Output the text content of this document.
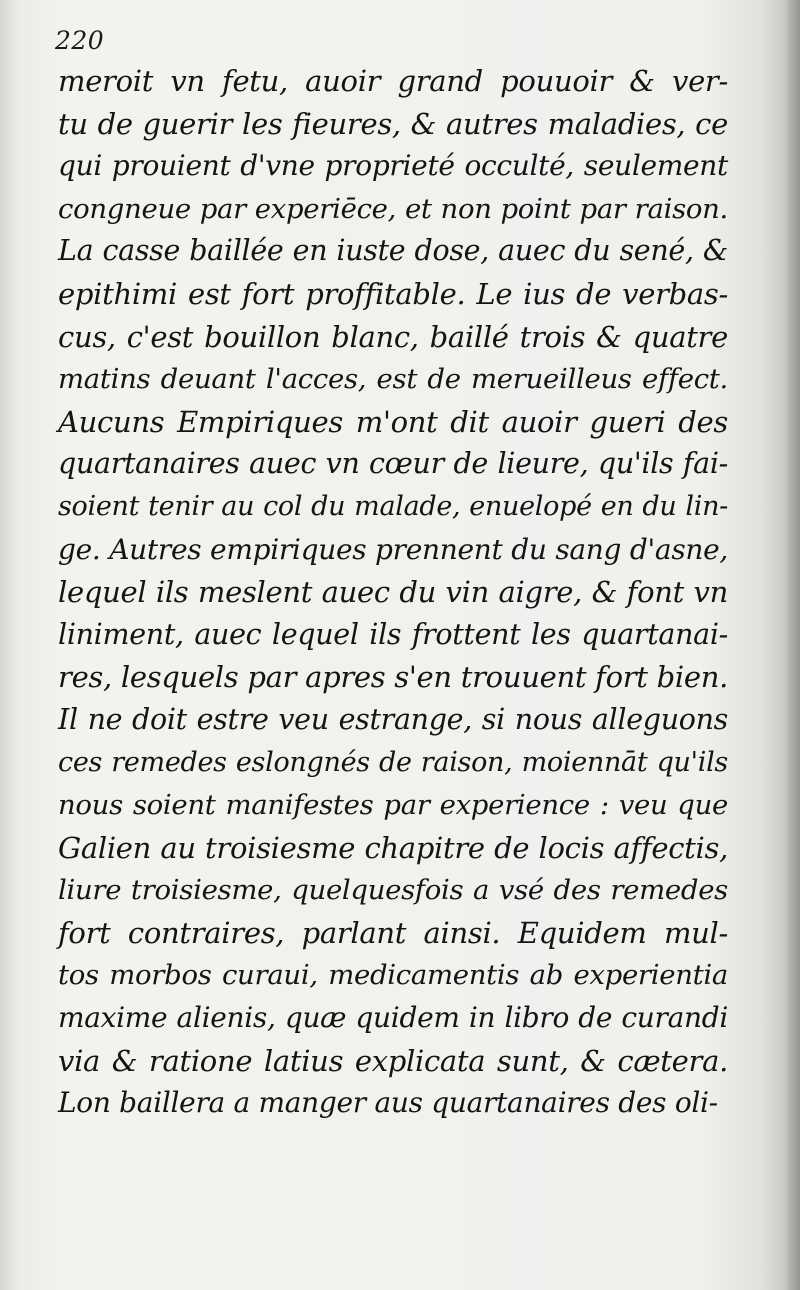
220
meroit vn fetu, auoir grand pouuoir & ver-
tu de guerir les fieures, & autres maladies, ce
qui prouient d'vne proprieté occulté, seulement
congneue par experiēce, et non point par raison.
La casse baillée en iuste dose, auec du sené, &
epithimi est fort proffitable. Le ius de verbas-
cus, c'est bouillon blanc, baillé trois & quatre
matins deuant l'acces, est de merueilleus effect.
Aucuns Empiriques m'ont dit auoir gueri des
quartanaires auec vn cœur de lieure, qu'ils fai-
soient tenir au col du malade, enuelopé en du lin-
ge. Autres empiriques prennent du sang d'asne,
lequel ils meslent auec du vin aigre, & font vn
liniment, auec lequel ils frottent les quartanai-
res, lesquels par apres s'en trouuent fort bien.
Il ne doit estre veu estrange, si nous alleguons
ces remedes eslongnés de raison, moiennāt qu'ils
nous soient manifestes par experience : veu que
Galien au troisiesme chapitre de locis affectis,
liure troisiesme, quelquesfois a vsé des remedes
fort contraires, parlant ainsi. Equidem mul-
tos morbos curaui, medicamentis ab experientia
maxime alienis, quæ quidem in libro de curandi
via & ratione latius explicata sunt, & cætera.
Lon baillera a manger aus quartanaires des oli-
